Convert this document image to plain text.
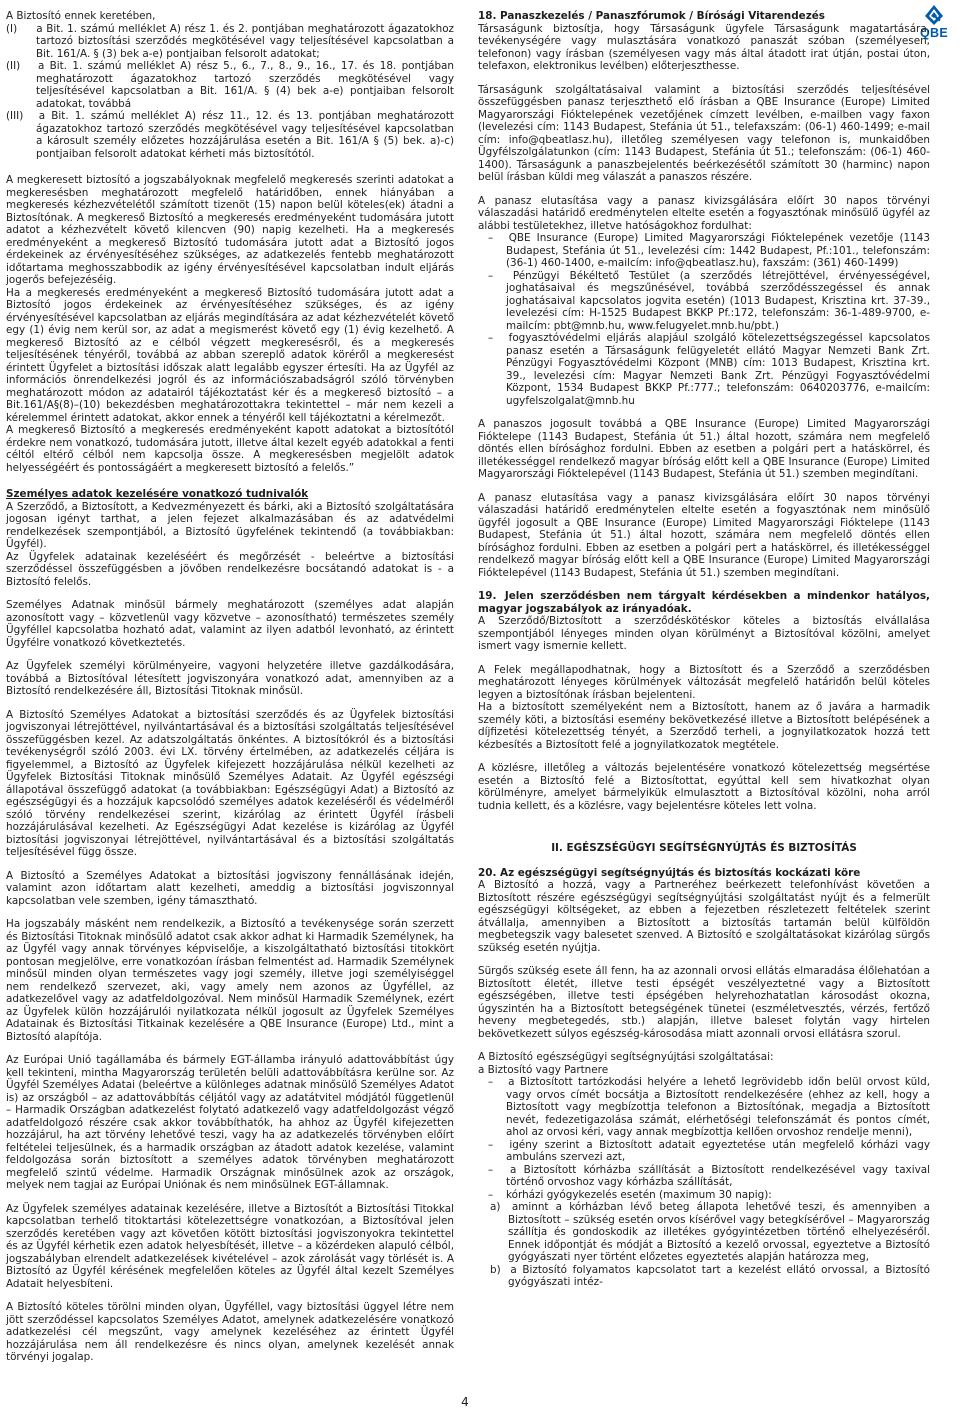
QBE

A Biztosító ennek keretében,

(I)	a Bit. 1. számú melléklet A) rész 1. és 2. pontjában meghatározott ágazatokhoz tartozó biztosítási szerződés megkötésével vagy teljesítésével kapcsolatban a Bit. 161/A. § (3) bek a-e) pontjaiban felsorolt adatokat;

(II)	a Bit. 1. számú melléklet A) rész 5., 6., 7., 8., 9., 16., 17. és 18. pontjában meghatározott ágazatokhoz tartozó szerződés megkötésével vagy teljesítésével kapcsolatban a Bit. 161/A. § (4) bek a-e) pontjaiban felsorolt adatokat, továbbá

(III)	a Bit. 1. számú melléklet A) rész 11., 12. és 13. pontjában meghatározott ágazatokhoz tartozó szerződés megkötésével vagy teljesítésével kapcsolatban a károsult személy előzetes hozzájárulása esetén a Bit. 161/A § (5) bek. a)-c) pontjaiban felsorolt adatokat kérheti más biztosítótól.

A megkeresett biztosító a jogszabályoknak megfelelő megkeresés szerinti adatokat a megkeresésben meghatározott megfelelő határidőben, ennek hiányában a megkeresés kézhezvételétől számított tizenöt (15) napon belül köteles(ek) átadni a Biztosítónak. A megkereső Biztosító a megkeresés eredményeként tudomására jutott adatot a kézhezvételt követő kilencven (90) napig kezelheti. Ha a megkeresés eredményeként a megkereső Biztosító tudomására jutott adat a Biztosító jogos érdekeinek az érvényesítéséhez szükséges, az adatkezelés fentebb meghatározott időtartama meghosszabbodik az igény érvényesítésével kapcsolatban indult eljárás jogerős befejezéséig.

Ha a megkeresés eredményeként a megkereső Biztosító tudomására jutott adat a Biztosító jogos érdekeinek az érvényesítéséhez szükséges, és az igény érvényesítésével kapcsolatban az eljárás megindítására az adat kézhezvételét követő egy (1) évig nem kerül sor, az adat a megismerést követő egy (1) évig kezelhető. A megkereső Biztosító az e célból végzett megkeresésről, és a megkeresés teljesítésének tényéről, továbbá az abban szereplő adatok köréről a megkeresést érintett Ügyfelet a biztosítási időszak alatt legalább egyszer értesíti. Ha az Ügyfél az információs önrendelkezési jogról és az információszabadságról szóló törvényben meghatározott módon az adatairól tájékoztatást kér és a megkereső biztosító – a Bit.161/A§(8)–(10) bekezdésben meghatározottakra tekintettel – már nem kezeli a kérelemmel érintett adatokat, akkor ennek a tényéről kell tájékoztatni a kérelmezőt.

A megkereső Biztosító a megkeresés eredményeként kapott adatokat a biztosítótól érdekre nem vonatkozó, tudomására jutott, illetve által kezelt egyéb adatokkal a fenti céltól eltérő célból nem kapcsolja össze. A megkeresésben megjelölt adatok helyességéért és pontosságáért a megkeresett biztosító a felelős.”

Személyes adatok kezelésére vonatkozó tudnivalók

A Szerződő, a Biztosított, a Kedvezményezett és bárki, aki a Biztosító szolgáltatására jogosan igényt tarthat, a jelen fejezet alkalmazásában és az adatvédelmi rendelkezések szempontjából, a Biztosító ügyfelének tekintendő (a továbbiakban: Ügyfél).

Az Ügyfelek adatainak kezeléséért és megőrzését - beleértve a biztosítási szerződéssel összefüggésben a jövőben rendelkezésre bocsátandó adatokat is - a Biztosító felelős.

Személyes Adatnak minősül bármely meghatározott (személyes adat alapján azonosított vagy – közvetlenül vagy közvetve – azonosítható) természetes személy Ügyféllel kapcsolatba hozható adat, valamint az ilyen adatból levonható, az érintett Ügyfélre vonatkozó következtetés.

Az Ügyfelek személyi körülményeire, vagyoni helyzetére illetve gazdálkodására, továbbá a Biztosítóval létesített jogviszonyára vonatkozó adat, amennyiben az a Biztosító rendelkezésére áll, Biztosítási Titoknak minősül.

A Biztosító Személyes Adatokat a biztosítási szerződés és az Ügyfelek biztosítási jogviszonyai létrejöttével, nyilvántartásával és a biztosítási szolgáltatás teljesítésével összefüggésben kezel. Az adatszolgáltatás önkéntes. A biztosítókról és a biztosítási tevékenységről szóló 2003. évi LX. törvény értelmében, az adatkezelés céljára is figyelemmel, a Biztosító az Ügyfelek kifejezett hozzájárulása nélkül kezelheti az Ügyfelek Biztosítási Titoknak minősülő Személyes Adatait. Az Ügyfél egészségi állapotával összefüggő adatokat (a továbbiakban: Egészségügyi Adat) a Biztosító az egészségügyi és a hozzájuk kapcsolódó személyes adatok kezeléséről és védelméről szóló törvény rendelkezései szerint, kizárólag az érintett Ügyfél írásbeli hozzájárulásával kezelheti. Az Egészségügyi Adat kezelése is kizárólag az Ügyfél biztosítási jogviszonyai létrejöttével, nyilvántartásával és a biztosítási szolgáltatás teljesítésével függ össze.

A Biztosító a Személyes Adatokat a biztosítási jogviszony fennállásának idején, valamint azon időtartam alatt kezelheti, ameddig a biztosítási jogviszonnyal kapcsolatban vele szemben, igény támasztható.

Ha jogszabály másként nem rendelkezik, a Biztosító a tevékenysége során szerzett és Biztosítási Titoknak minősülő adatot csak akkor adhat ki Harmadik Személynek, ha az Ügyfél vagy annak törvényes képviselője, a kiszolgáltatható biztosítási titokkört pontosan megjelölve, erre vonatkozóan írásban felmentést ad. Harmadik Személynek minősül minden olyan természetes vagy jogi személy, illetve jogi személyiséggel nem rendelkező szervezet, aki, vagy amely nem azonos az Ügyféllel, az adatkezelővel vagy az adatfeldolgozóval. Nem minősül Harmadik Személynek, ezért az Ügyfelek külön hozzájárulói nyilatkozata nélkül jogosult az Ügyfelek Személyes Adatainak és Biztosítási Titkainak kezelésére a QBE Insurance (Europe) Ltd., mint a Biztosító alapítója.

Az Európai Unió tagállamába és bármely EGT-államba irányuló adattovábbítást úgy kell tekinteni, mintha Magyarország területén belüli adattovábbításra kerülne sor. Az Ügyfél Személyes Adatai (beleértve a különleges adatnak minősülő Személyes Adatot is) az országból – az adattovábbítás céljától vagy az adatátvitel módjától függetlenül – Harmadik Országban adatkezelést folytató adatkezelő vagy adatfeldolgozást végző adatfeldolgozó részére csak akkor továbbíthatók, ha ahhoz az Ügyfél kifejezetten hozzájárul, ha azt törvény lehetővé teszi, vagy ha az adatkezelés törvényben előírt feltételei teljesülnek, és a harmadik országban az átadott adatok kezelése, valamint feldolgozása során biztosított a személyes adatok törvényben meghatározott megfelelő szintű védelme. Harmadik Országnak minősülnek azok az országok, melyek nem tagjai az Európai Uniónak és nem minősülnek EGT-államnak.

Az Ügyfelek személyes adatainak kezelésére, illetve a Biztosítót a Biztosítási Titokkal kapcsolatban terhelő titoktartási kötelezettségre vonatkozóan, a Biztosítóval jelen szerződés keretében vagy azt követően kötött biztosítási jogviszonyokra tekintettel és az Ügyfél kérhetik ezen adatok helyesbítését, illetve – a közérdeken alapuló célból, jogszabályban elrendelt adatkezelések kivételével – azok zárolását vagy törlését is. A Biztosító az Ügyfél kérésének megfelelően köteles az Ügyfél által kezelt Személyes Adatait helyesbíteni.

A Biztosító köteles törölni minden olyan, Ügyféllel, vagy biztosítási üggyel létre nem jött szerződéssel kapcsolatos Személyes Adatot, amelynek adatkezelésére vonatkozó adatkezelési cél megszűnt, vagy amelynek kezeléséhez az érintett Ügyfél hozzájárulása nem áll rendelkezésre és nincs olyan, amelynek kezelését annak törvényi jogalap.

18. Panaszkezelés / Panaszfórumok / Bírósági Vitarendezés

Társaságunk biztosítja, hogy Társaságunk ügyfele Társaságunk magatartására, tevékenységére vagy mulasztására vonatkozó panaszát szóban (személyesen, telefonon) vagy írásban (személyesen vagy más által átadott irat útján, postai úton, telefaxon, elektronikus levélben) előterjeszthesse.

Társaságunk szolgáltatásaival valamint a biztosítási szerződés teljesítésével összefüggésben panasz terjeszthető elő írásban a QBE Insurance (Europe) Limited Magyarországi Fióktelepének vezetőjének címzett levélben, e-mailben vagy faxon (levelezési cím: 1143 Budapest, Stefánia út 51., telefaxszám: (06-1) 460-1499; e-mail cím: info@qbeatlasz.hu), illetőleg személyesen vagy telefonon is, munkaidőben Ügyfélszolgálatunkon (cím: 1143 Budapest, Stefánia út 51.; telefonszám: (06-1) 460-1400). Társaságunk a panaszbejelentés beérkezésétől számított 30 (harminc) napon belül írásban küldi meg válaszát a panaszos részére.

A panasz elutasítása vagy a panasz kivizsgálására előírt 30 napos törvényi válaszadási határidő eredménytelen eltelte esetén a fogyasztónak minősülő ügyfél az alábbi testületekhez, illetve hatóságokhoz fordulhat:

–	QBE Insurance (Europe) Limited Magyarországi Fióktelepének vezetője (1143 Budapest, Stefánia út 51., levelezési cím: 1442 Budapest, Pf.:101., telefonszám: (36-1) 460-1400, e-mailcím: info@qbeatlasz.hu), faxszám: (361) 460-1499)

–	Pénzügyi Békéltető Testület (a szerződés létrejöttével, érvényességével, joghatásaival és megszűnésével, továbbá szerződésszegéssel és annak joghatásaival kapcsolatos jogvita esetén) (1013 Budapest, Krisztina krt. 37-39., levelezési cím: H-1525 Budapest BKKP Pf.:172, telefonszám: 36-1-489-9700, e-mailcím: pbt@mnb.hu, www.felugyelet.mnb.hu/pbt.)

–	fogyasztóvédelmi eljárás alapjául szolgáló kötelezettségszegéssel kapcsolatos panasz esetén a Társaságunk felügyeletét ellátó Magyar Nemzeti Bank Zrt. Pénzügyi Fogyasztóvédelmi Központ (MNB) cím: 1013 Budapest, Krisztina krt. 39., levelezési cím: Magyar Nemzeti Bank Zrt. Pénzügyi Fogyasztóvédelmi Központ, 1534 Budapest BKKP Pf.:777.; telefonszám: 0640203776, e-mailcím: ugyfelszolgalat@mnb.hu

A panaszos jogosult továbbá a QBE Insurance (Europe) Limited Magyarországi Fióktelepe (1143 Budapest, Stefánia út 51.) által hozott, számára nem megfelelő döntés ellen bírósághoz fordulni. Ebben az esetben a polgári pert a hatáskörrel, és illetékességgel rendelkező magyar bíróság előtt kell a QBE Insurance (Europe) Limited Magyarországi Fióktelepével (1143 Budapest, Stefánia út 51.) szemben megindítani.

A panasz elutasítása vagy a panasz kivizsgálására előírt 30 napos törvényi válaszadási határidő eredménytelen eltelte esetén a fogyasztónak nem minősülő ügyfél jogosult a QBE Insurance (Europe) Limited Magyarországi Fióktelepe (1143 Budapest, Stefánia út 51.) által hozott, számára nem megfelelő döntés ellen bírósághoz fordulni. Ebben az esetben a polgári pert a hatáskörrel, és illetékességgel rendelkező magyar bíróság előtt kell a QBE Insurance (Europe) Limited Magyarországi Fióktelepével (1143 Budapest, Stefánia út 51.) szemben megindítani.

19.	Jelen szerződésben nem tárgyalt kérdésekben a mindenkor hatályos, magyar jogszabályok az irányadóak.

A Szerződő/Biztosított a szerződéskötéskor köteles a biztosítás elvállalása szempontjából lényeges minden olyan körülményt a Biztosítóval közölni, amelyet ismert vagy ismernie kellett.

A Felek megállapodhatnak, hogy a Biztosított és a Szerződő a szerződésben meghatározott lényeges körülmények változását megfelelő határidőn belül köteles legyen a biztosítónak írásban bejelenteni.

Ha a biztosított személyeként nem a Biztosított, hanem az ő javára a harmadik személy köti, a biztosítási esemény bekövetkezésé illetve a Biztosított belépésének a díjfizetési kötelezettség tényét, a Szerződő terheli, a jognyilatkozatok hozzá tett kézbesítés a Biztosított felé a jognyilatkozatok megtétele.

A közlésre, illetőleg a változás bejelentésére vonatkozó kötelezettség megsértése esetén a Biztosító felé a Biztosítottat, egyúttal kell sem hivatkozhat olyan körülményre, amelyet bármelyikük elmulasztott a Biztosítóval közölni, noha arról tudnia kellett, és a közlésre, vagy bejelentésre köteles lett volna.

II. EGÉSZSÉGÜGYI SEGÍTSÉGNYÚJTÁS ÉS BIZTOSÍTÁS

20. Az egészségügyi segítségnyújtás és biztosítás kockázati köre

A Biztosító a hozzá, vagy a Partneréhez beérkezett telefonhívást követően a Biztosított részére egészségügyi segítségnyújtási szolgáltatást nyújt és a felmerült egészségügyi költségeket, az ebben a fejezetben részletezett feltételek szerint átvállalja, amennyiben a Biztosított a biztosítás tartamán belül külföldön megbetegszik vagy balesetet szenved. A Biztosító e szolgáltatásokat kizárólag sürgős szükség esetén nyújtja.

Sürgős szükség esete áll fenn, ha az azonnali orvosi ellátás elmaradása élőlehatóan a Biztosított életét, illetve testi épségét veszélyeztetné vagy a Biztosított egészségében, illetve testi épségében helyrehozhatatlan károsodást okozna, úgyszintén ha a Biztosított betegségének tünetei (eszméletvesztés, vérzés, fertőző heveny megbetegedés, stb.) alapján, illetve baleset folytán vagy hirtelen bekövetkezett súlyos egészség-károsodása miatt azonnali orvosi ellátásra szorul.

A Biztosító egészségügyi segítségnyújtási szolgáltatásai:

a Biztosító vagy Partnere

–	a Biztosított tartózkodási helyére a lehető legrövidebb időn belül orvost küld, vagy orvos címét bocsátja a Biztosított rendelkezésére (ehhez az kell, hogy a Biztosított vagy megbízottja telefonon a Biztosítónak, megadja a Biztosított nevét, fedezetigazolása számát, elérhetőségi telefonszámát és pontos címét, ahol az orvosi kéri, vagy annak megbízottja kellően orvoshoz rendelje menni),

–	igény szerint a Biztosított adatait egyeztetése után megfelelő kórházi vagy ambuláns szervezi azt,

–	a Biztosított kórházba szállítását a Biztosított rendelkezésével vagy taxival történő orvoshoz vagy kórházba szállítását,

–	kórházi gyógykezelés esetén (maximum 30 napig):

a)	aminnt a kórházban lévő beteg állapota lehetővé teszi, és amennyiben a Biztosított – szükség esetén orvos kísérővel vagy betegkísérővel – Magyarország szállítja és gondoskodik az illetékes gyógyintézetben történő elhelyezéséről. Ennek időpontját és módját a Biztosító a kezelő orvossal, egyeztetve a Biztosító gyógyászati nyer történt előzetes egyeztetés alapján határozza meg,

b)	a Biztosító folyamatos kapcsolatot tart a kezelést ellátó orvossal, a Biztosító gyógyászati intéz-

4
